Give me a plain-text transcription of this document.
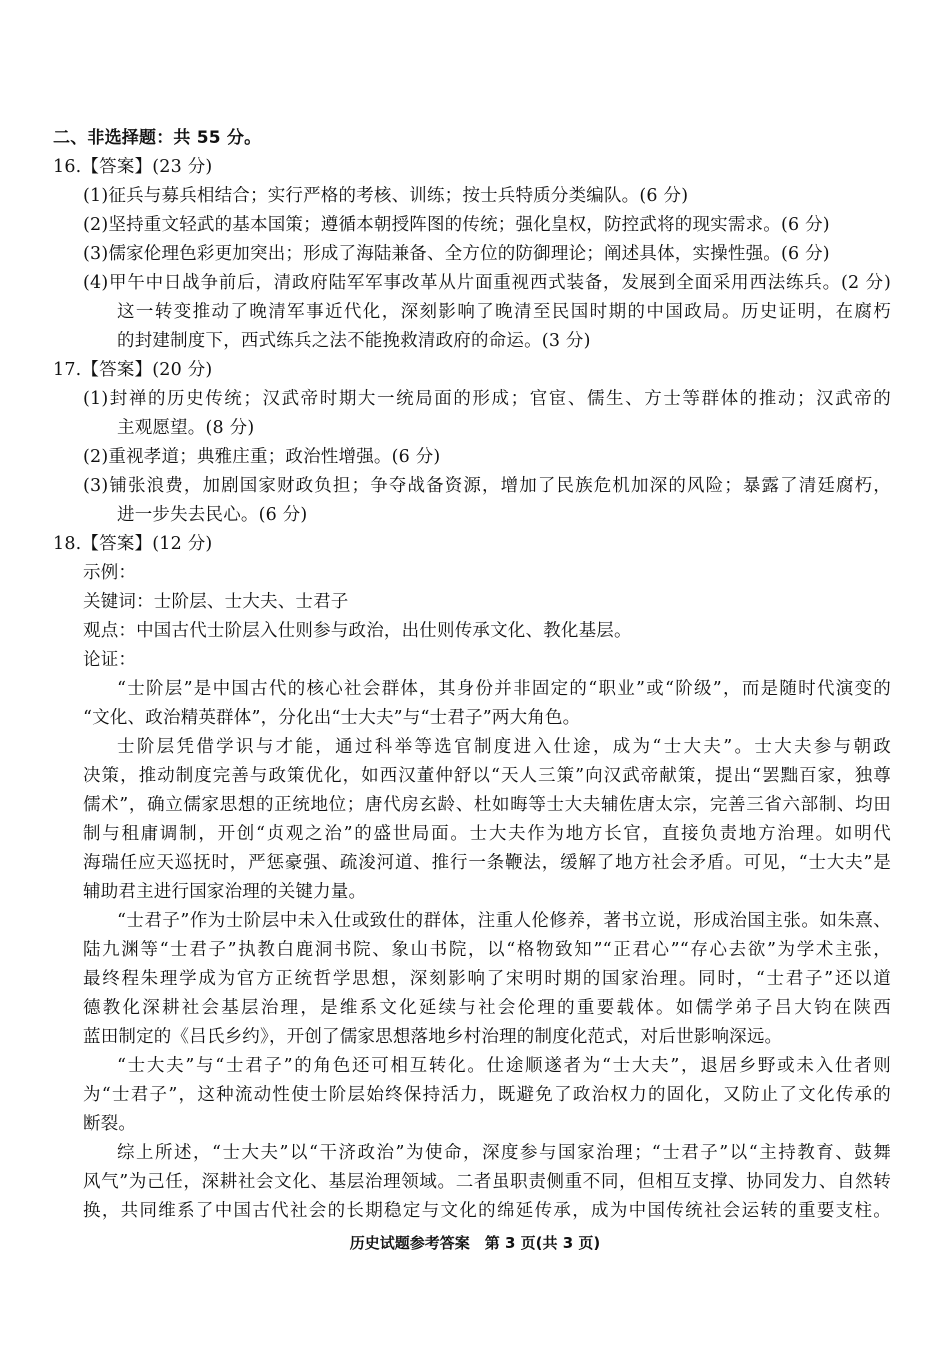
二、非选择题：共 55 分。
16.【答案】(23 分)
(1)征兵与募兵相结合；实行严格的考核、训练；按士兵特质分类编队。(6 分)
(2)坚持重文轻武的基本国策；遵循本朝授阵图的传统；强化皇权，防控武将的现实需求。(6 分)
(3)儒家伦理色彩更加突出；形成了海陆兼备、全方位的防御理论；阐述具体，实操性强。(6 分)
(4)甲午中日战争前后，清政府陆军军事改革从片面重视西式装备，发展到全面采用西法练兵。(2 分)
这一转变推动了晚清军事近代化，深刻影响了晚清至民国时期的中国政局。历史证明，在腐朽
的封建制度下，西式练兵之法不能挽救清政府的命运。(3 分)
17.【答案】(20 分)
(1)封禅的历史传统；汉武帝时期大一统局面的形成；官宦、儒生、方士等群体的推动；汉武帝的
主观愿望。(8 分)
(2)重视孝道；典雅庄重；政治性增强。(6 分)
(3)铺张浪费，加剧国家财政负担；争夺战备资源，增加了民族危机加深的风险；暴露了清廷腐朽，
进一步失去民心。(6 分)
18.【答案】(12 分)
示例：
关键词：士阶层、士大夫、士君子
观点：中国古代士阶层入仕则参与政治，出仕则传承文化、教化基层。
论证：
“士阶层”是中国古代的核心社会群体，其身份并非固定的“职业”或“阶级”，而是随时代演变的
“文化、政治精英群体”，分化出“士大夫”与“士君子”两大角色。
士阶层凭借学识与才能，通过科举等选官制度进入仕途，成为“士大夫”。士大夫参与朝政
决策，推动制度完善与政策优化，如西汉董仲舒以“天人三策”向汉武帝献策，提出“罢黜百家，独尊
儒术”，确立儒家思想的正统地位；唐代房玄龄、杜如晦等士大夫辅佐唐太宗，完善三省六部制、均田
制与租庸调制，开创“贞观之治”的盛世局面。士大夫作为地方长官，直接负责地方治理。如明代
海瑞任应天巡抚时，严惩豪强、疏浚河道、推行一条鞭法，缓解了地方社会矛盾。可见，“士大夫”是
辅助君主进行国家治理的关键力量。
“士君子”作为士阶层中未入仕或致仕的群体，注重人伦修养，著书立说，形成治国主张。如朱熹、
陆九渊等“士君子”执教白鹿洞书院、象山书院，以“格物致知”“正君心”“存心去欲”为学术主张，
最终程朱理学成为官方正统哲学思想，深刻影响了宋明时期的国家治理。同时，“士君子”还以道
德教化深耕社会基层治理，是维系文化延续与社会伦理的重要载体。如儒学弟子吕大钧在陕西
蓝田制定的《吕氏乡约》，开创了儒家思想落地乡村治理的制度化范式，对后世影响深远。
“士大夫”与“士君子”的角色还可相互转化。仕途顺遂者为“士大夫”，退居乡野或未入仕者则
为“士君子”，这种流动性使士阶层始终保持活力，既避免了政治权力的固化，又防止了文化传承的
断裂。
综上所述，“士大夫”以“干济政治”为使命，深度参与国家治理；“士君子”以“主持教育、鼓舞
风气”为己任，深耕社会文化、基层治理领域。二者虽职责侧重不同，但相互支撑、协同发力、自然转
换，共同维系了中国古代社会的长期稳定与文化的绵延传承，成为中国传统社会运转的重要支柱。
历史试题参考答案　第 3 页(共 3 页)
